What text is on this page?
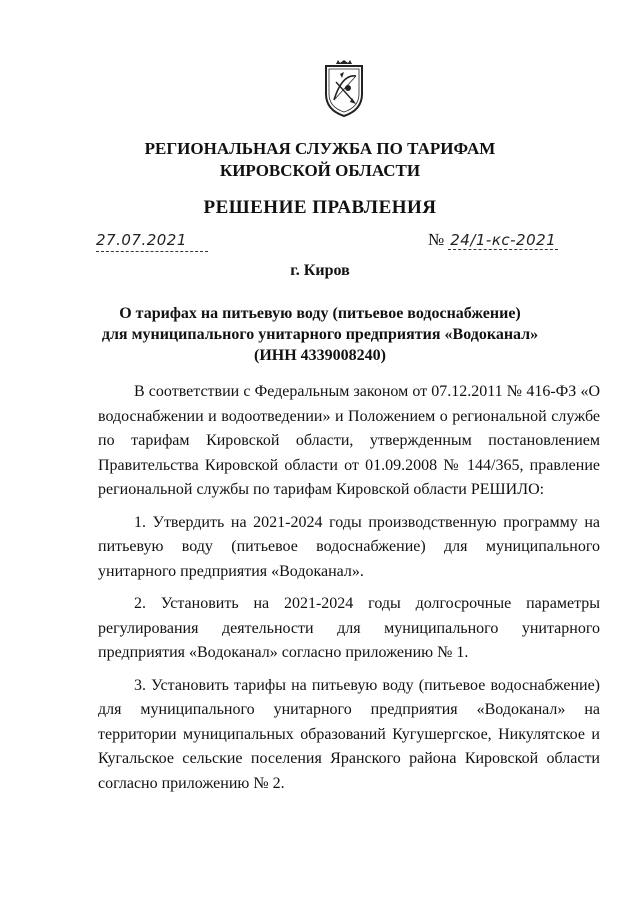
РЕГИОНАЛЬНАЯ СЛУЖБА ПО ТАРИФАМ
КИРОВСКОЙ ОБЛАСТИ
РЕШЕНИЕ ПРАВЛЕНИЯ
27.07.2021	№ 24/1-кс-2021
г. Киров
О тарифах на питьевую воду (питьевое водоснабжение)
для муниципального унитарного предприятия «Водоканал»
(ИНН 4339008240)

В соответствии с Федеральным законом от 07.12.2011 № 416-ФЗ «О водоснабжении и водоотведении» и Положением о региональной службе по тарифам Кировской области, утвержденным постановлением Правительства Кировской области от 01.09.2008 № 144/365, правление региональной службы по тарифам Кировской области РЕШИЛО:

1. Утвердить на 2021-2024 годы производственную программу на питьевую воду (питьевое водоснабжение) для муниципального унитарного предприятия «Водоканал».

2. Установить на 2021-2024 годы долгосрочные параметры регулирования деятельности для муниципального унитарного предприятия «Водоканал» согласно приложению № 1.

3. Установить тарифы на питьевую воду (питьевое водоснабжение) для муниципального унитарного предприятия «Водоканал» на территории муниципальных образований Кугушергское, Никулятское и Кугальское сельские поселения Яранского района Кировской области согласно приложению № 2.
